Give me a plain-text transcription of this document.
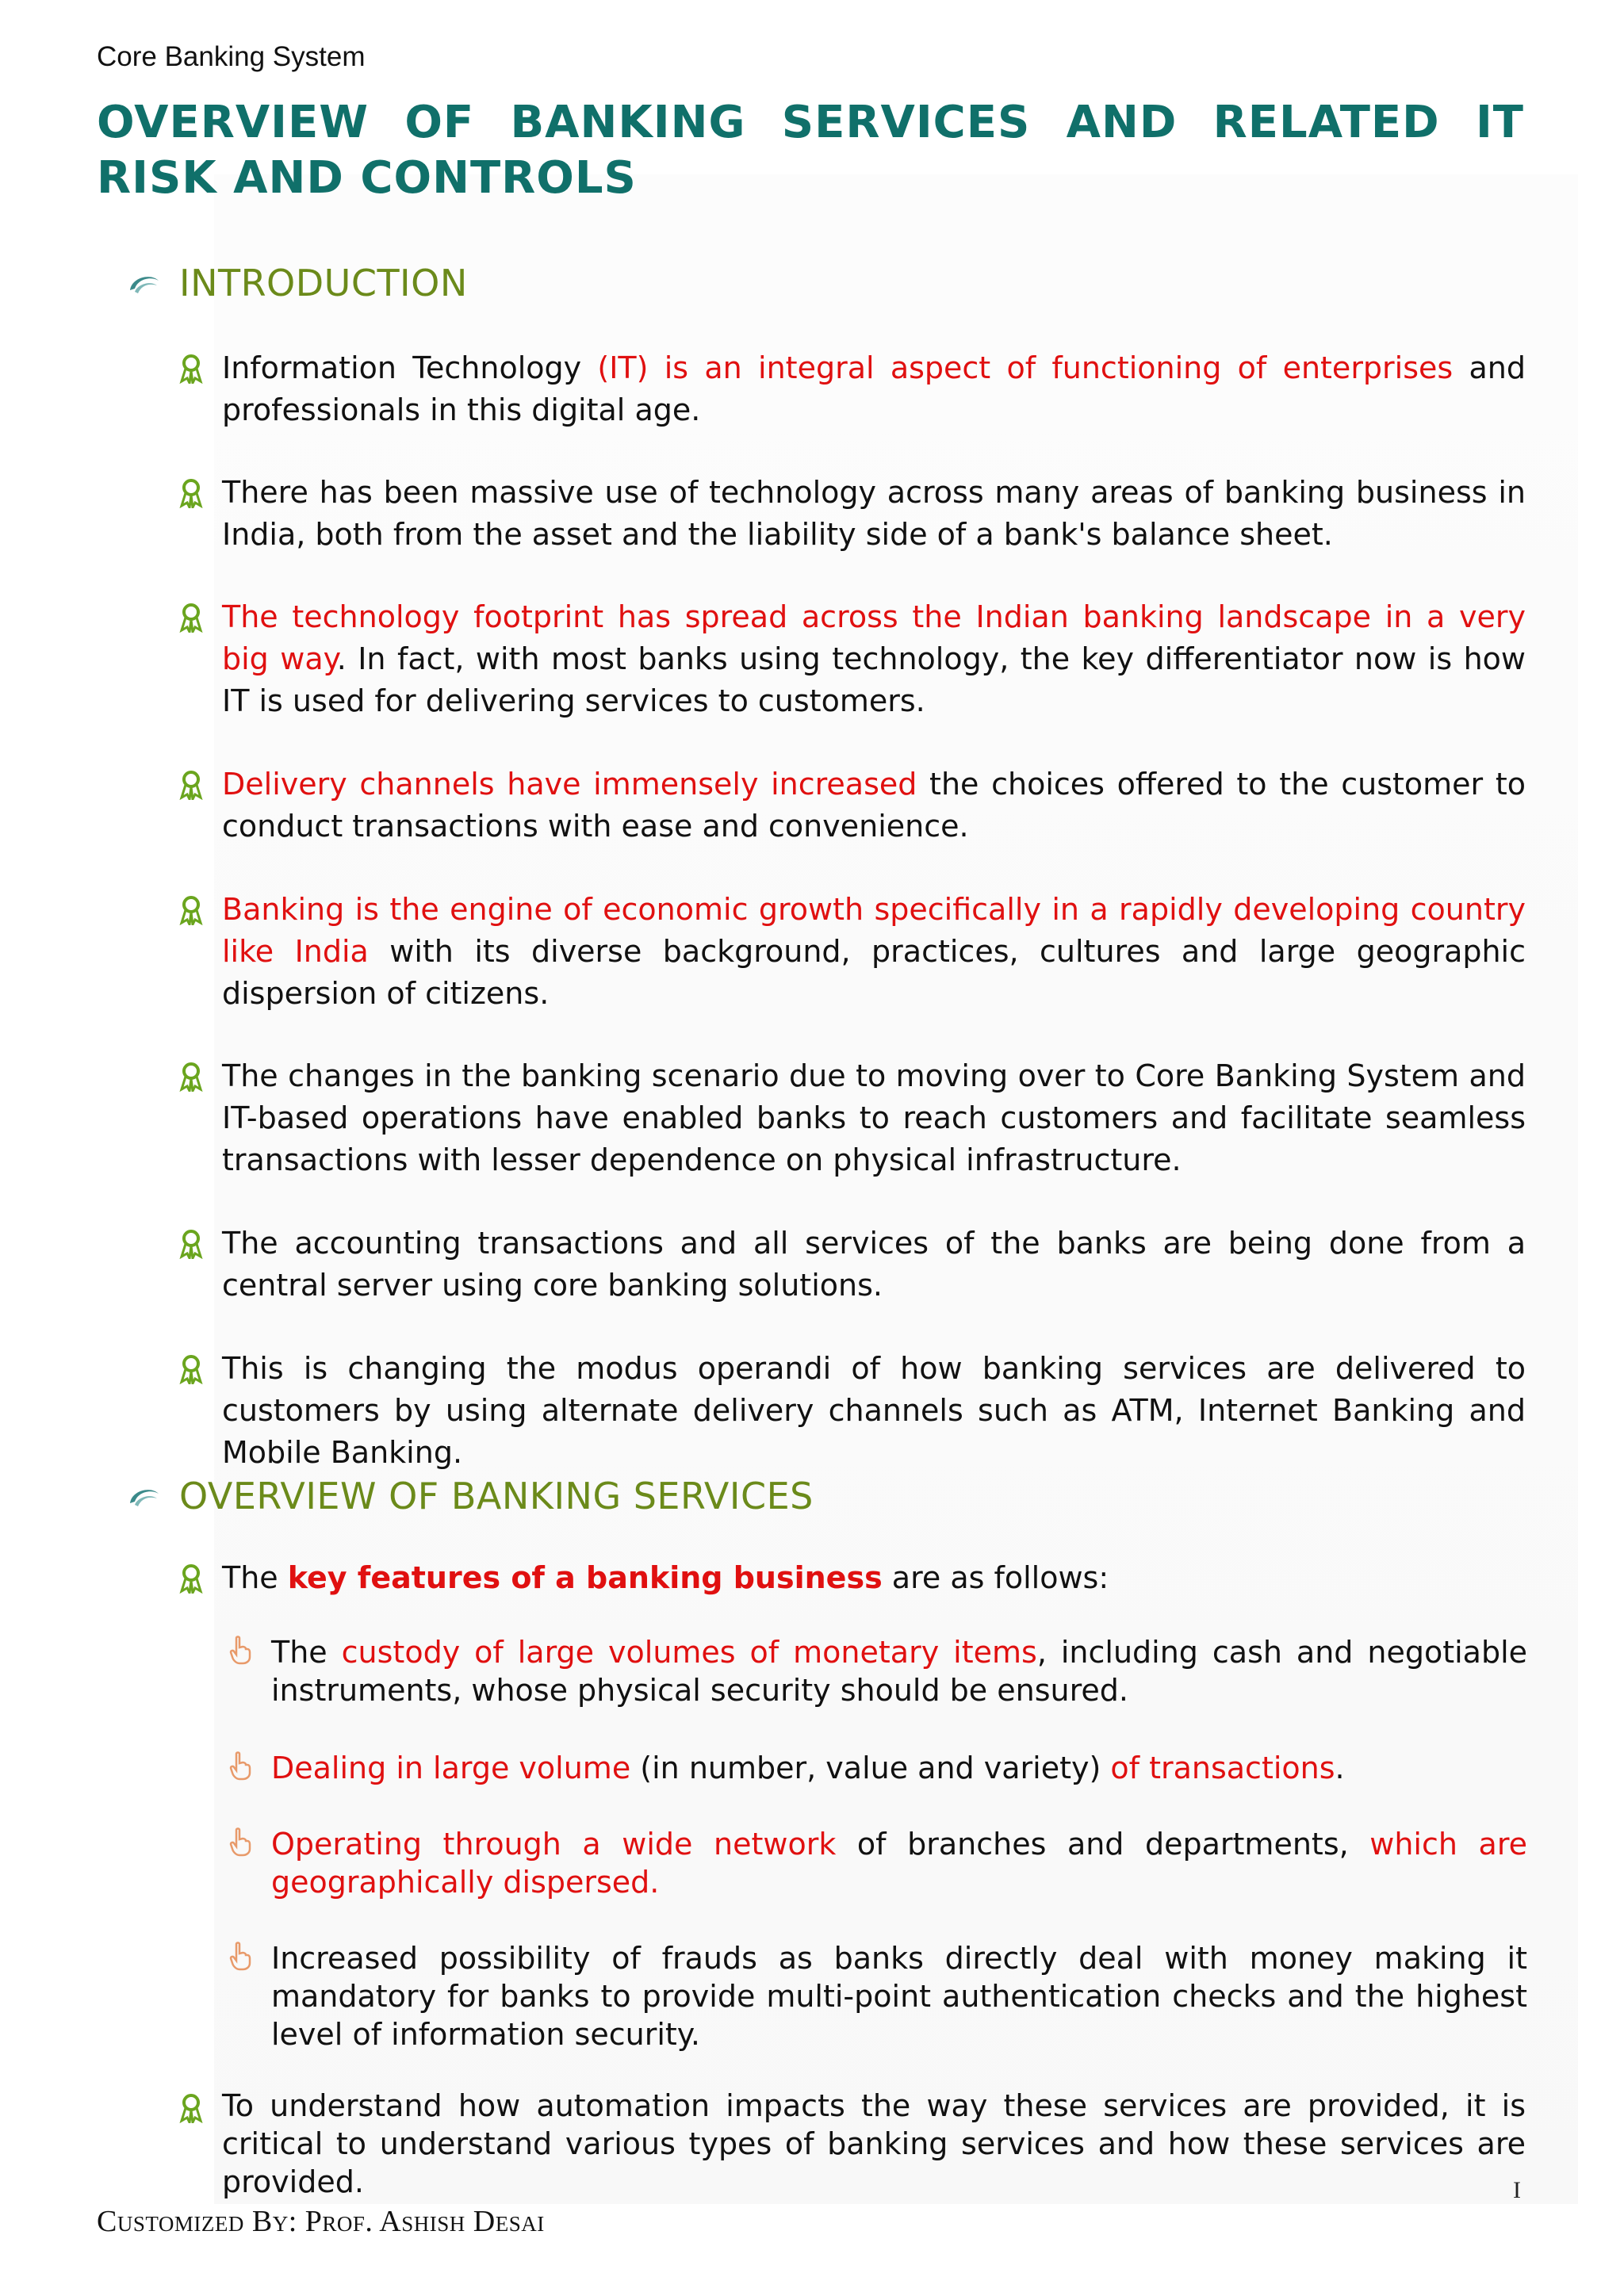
Core Banking System
OVERVIEW OF BANKING SERVICES AND RELATED IT RISK AND CONTROLS
INTRODUCTION
Information Technology (IT) is an integral aspect of functioning of enterprises and professionals in this digital age.
There has been massive use of technology across many areas of banking business in India, both from the asset and the liability side of a bank's balance sheet.
The technology footprint has spread across the Indian banking landscape in a very big way. In fact, with most banks using technology, the key differentiator now is how IT is used for delivering services to customers.
Delivery channels have immensely increased the choices offered to the customer to conduct transactions with ease and convenience.
Banking is the engine of economic growth specifically in a rapidly developing country like India with its diverse background, practices, cultures and large geographic dispersion of citizens.
The changes in the banking scenario due to moving over to Core Banking System and IT-based operations have enabled banks to reach customers and facilitate seamless transactions with lesser dependence on physical infrastructure.
The accounting transactions and all services of the banks are being done from a central server using core banking solutions.
This is changing the modus operandi of how banking services are delivered to customers by using alternate delivery channels such as ATM, Internet Banking and Mobile Banking.
OVERVIEW OF BANKING SERVICES
The key features of a banking business are as follows:
The custody of large volumes of monetary items, including cash and negotiable instruments, whose physical security should be ensured.
Dealing in large volume (in number, value and variety) of transactions.
Operating through a wide network of branches and departments, which are geographically dispersed.
Increased possibility of frauds as banks directly deal with money making it mandatory for banks to provide multi-point authentication checks and the highest level of information security.
To understand how automation impacts the way these services are provided, it is critical to understand various types of banking services and how these services are provided.	I
Customized By: Prof. Ashish Desai
